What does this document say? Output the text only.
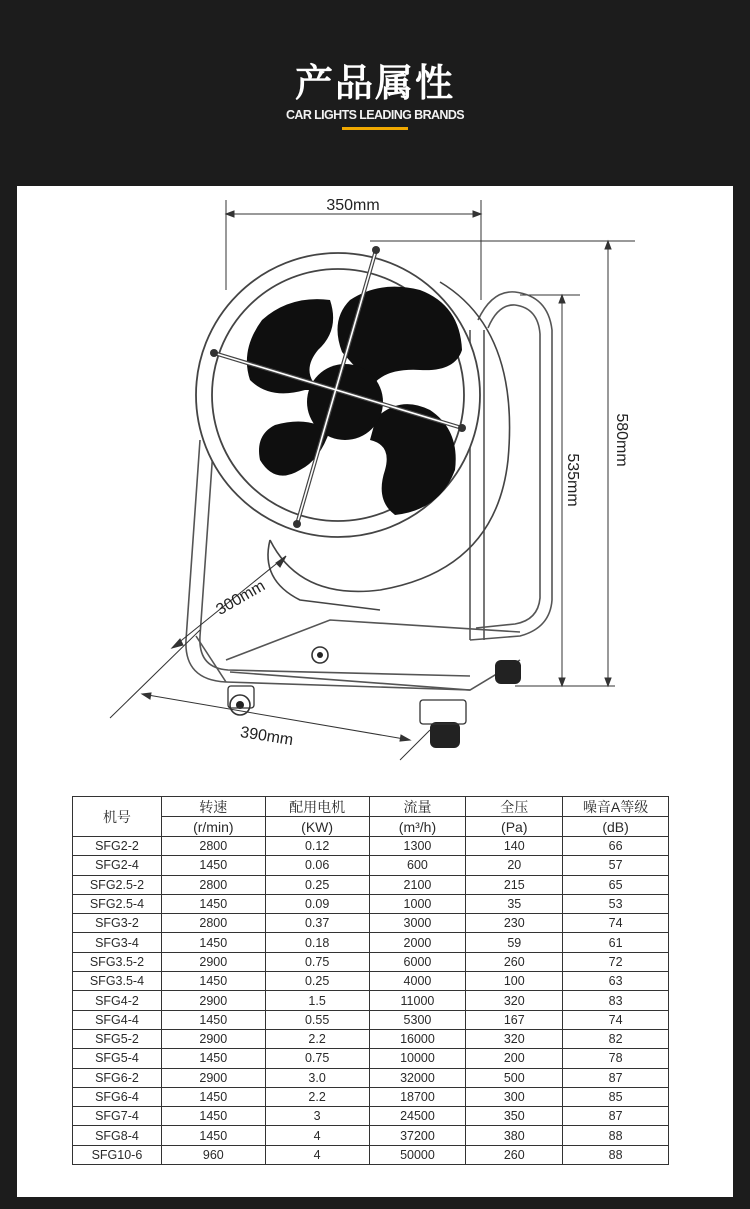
产品属性
CAR LIGHTS LEADING BRANDS
350mm
580mm
535mm
300mm
390mm
机号	转速	配用电机	流量	全压	噪音A等级
	(r/min)	(KW)	(m³/h)	(Pa)	(dB)
SFG2-2	2800	0.12	1300	140	66
SFG2-4	1450	0.06	600	20	57
SFG2.5-2	2800	0.25	2100	215	65
SFG2.5-4	1450	0.09	1000	35	53
SFG3-2	2800	0.37	3000	230	74
SFG3-4	1450	0.18	2000	59	61
SFG3.5-2	2900	0.75	6000	260	72
SFG3.5-4	1450	0.25	4000	100	63
SFG4-2	2900	1.5	11000	320	83
SFG4-4	1450	0.55	5300	167	74
SFG5-2	2900	2.2	16000	320	82
SFG5-4	1450	0.75	10000	200	78
SFG6-2	2900	3.0	32000	500	87
SFG6-4	1450	2.2	18700	300	85
SFG7-4	1450	3	24500	350	87
SFG8-4	1450	4	37200	380	88
SFG10-6	960	4	50000	260	88
